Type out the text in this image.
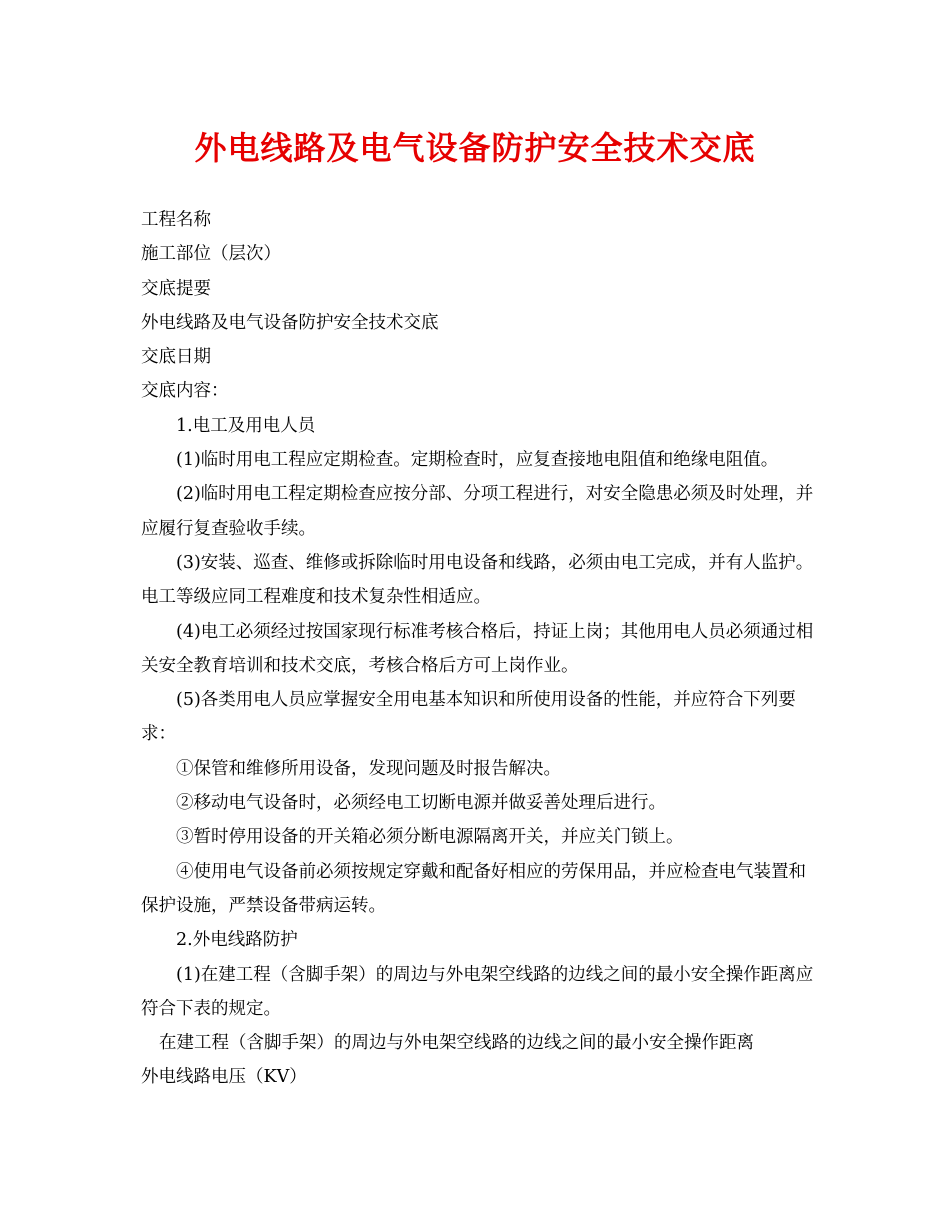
外电线路及电气设备防护安全技术交底

工程名称

施工部位（层次）

交底提要

外电线路及电气设备防护安全技术交底

交底日期

交底内容：

1.电工及用电人员

(1)临时用电工程应定期检查。定期检查时，应复查接地电阻值和绝缘电阻值。

(2)临时用电工程定期检查应按分部、分项工程进行，对安全隐患必须及时处理，并应履行复查验收手续。

(3)安装、巡查、维修或拆除临时用电设备和线路，必须由电工完成，并有人监护。电工等级应同工程难度和技术复杂性相适应。

(4)电工必须经过按国家现行标准考核合格后，持证上岗；其他用电人员必须通过相关安全教育培训和技术交底，考核合格后方可上岗作业。

(5)各类用电人员应掌握安全用电基本知识和所使用设备的性能，并应符合下列要求：

①保管和维修所用设备，发现问题及时报告解决。

②移动电气设备时，必须经电工切断电源并做妥善处理后进行。

③暂时停用设备的开关箱必须分断电源隔离开关，并应关门锁上。

④使用电气设备前必须按规定穿戴和配备好相应的劳保用品，并应检查电气装置和保护设施，严禁设备带病运转。

2.外电线路防护

(1)在建工程（含脚手架）的周边与外电架空线路的边线之间的最小安全操作距离应符合下表的规定。

在建工程（含脚手架）的周边与外电架空线路的边线之间的最小安全操作距离

外电线路电压（KV）
